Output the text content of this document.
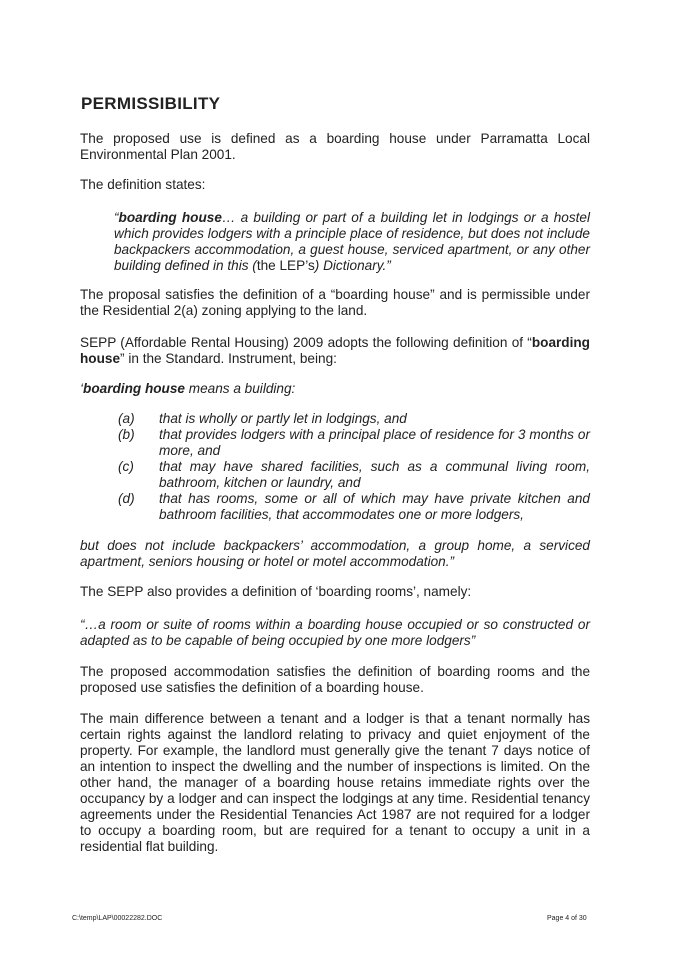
PERMISSIBILITY
The proposed use is defined as a boarding house under Parramatta Local Environmental Plan 2001.
The definition states:
“boarding house… a building or part of a building let in lodgings or a hostel which provides lodgers with a principle place of residence, but does not include backpackers accommodation, a guest house, serviced apartment, or any other building defined in this (the LEP’s) Dictionary.”
The proposal satisfies the definition of a “boarding house” and is permissible under the Residential 2(a) zoning applying to the land.
SEPP (Affordable Rental Housing) 2009 adopts the following definition of “boarding house” in the Standard. Instrument, being:
‘boarding house means a building:
(a)	that is wholly or partly let in lodgings, and
(b)	that provides lodgers with a principal place of residence for 3 months or more, and
(c)	that may have shared facilities, such as a communal living room, bathroom, kitchen or laundry, and
(d)	that has rooms, some or all of which may have private kitchen and bathroom facilities, that accommodates one or more lodgers,
but does not include backpackers’ accommodation, a group home, a serviced apartment, seniors housing or hotel or motel accommodation.”
The SEPP also provides a definition of ‘boarding rooms’, namely:
“…a room or suite of rooms within a boarding house occupied or so constructed or adapted as to be capable of being occupied by one more lodgers”
The proposed accommodation satisfies the definition of boarding rooms and the proposed use satisfies the definition of a boarding house.
The main difference between a tenant and a lodger is that a tenant normally has certain rights against the landlord relating to privacy and quiet enjoyment of the property. For example, the landlord must generally give the tenant 7 days notice of an intention to inspect the dwelling and the number of inspections is limited. On the other hand, the manager of a boarding house retains immediate rights over the occupancy by a lodger and can inspect the lodgings at any time. Residential tenancy agreements under the Residential Tenancies Act 1987 are not required for a lodger to occupy a boarding room, but are required for a tenant to occupy a unit in a residential flat building.
C:\temp\LAP\00022282.DOC	Page 4 of 30
